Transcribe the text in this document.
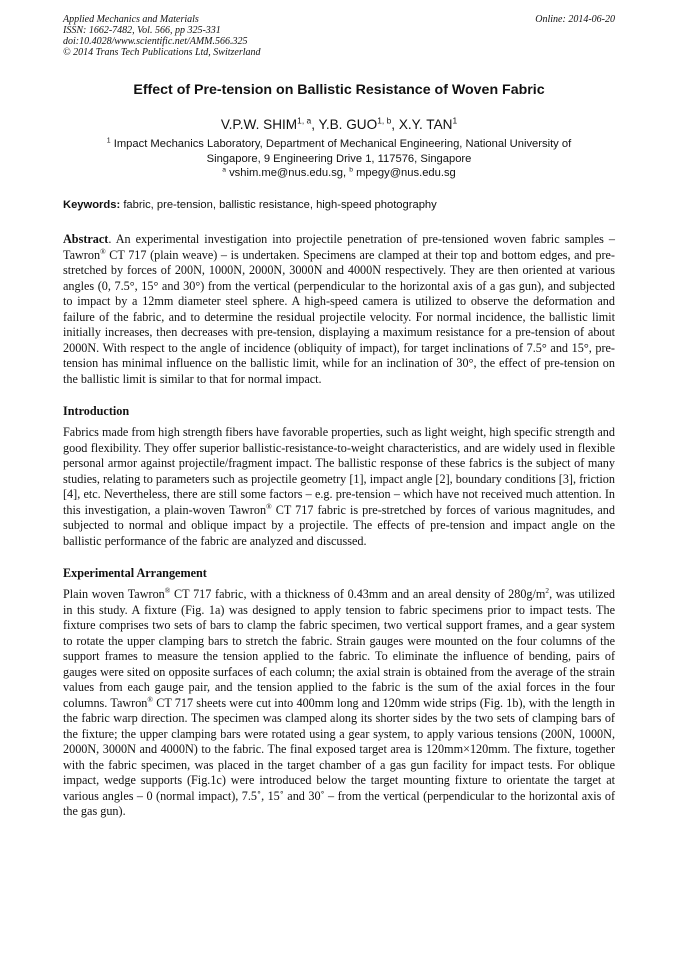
Applied Mechanics and Materials
ISSN: 1662-7482, Vol. 566, pp 325-331
doi:10.4028/www.scientific.net/AMM.566.325
© 2014 Trans Tech Publications Ltd, Switzerland
Online: 2014-06-20
Effect of Pre-tension on Ballistic Resistance of Woven Fabric
V.P.W. SHIM$^{1, a}$, Y.B. GUO$^{1, b}$, X.Y. TAN$^1$
$^1$ Impact Mechanics Laboratory, Department of Mechanical Engineering, National University of
Singapore, 9 Engineering Drive 1, 117576, Singapore
$^a$ vshim.me@nus.edu.sg, $^b$ mpegy@nus.edu.sg
Keywords: fabric, pre-tension, ballistic resistance, high-speed photography

Abstract. An experimental investigation into projectile penetration of pre-tensioned woven fabric samples – Tawron® CT 717 (plain weave) – is undertaken. Specimens are clamped at their top and bottom edges, and pre-stretched by forces of 200N, 1000N, 2000N, 3000N and 4000N respectively. They are then oriented at various angles (0, 7.5°, 15° and 30°) from the vertical (perpendicular to the horizontal axis of a gas gun), and subjected to impact by a 12mm diameter steel sphere. A high-speed camera is utilized to observe the deformation and failure of the fabric, and to determine the residual projectile velocity. For normal incidence, the ballistic limit initially increases, then decreases with pre-tension, displaying a maximum resistance for a pre-tension of about 2000N. With respect to the angle of incidence (obliquity of impact), for target inclinations of 7.5° and 15°, pre-tension has minimal influence on the ballistic limit, while for an inclination of 30°, the effect of pre-tension on the ballistic limit is similar to that for normal impact.

Introduction

Fabrics made from high strength fibers have favorable properties, such as light weight, high specific strength and good flexibility. They offer superior ballistic-resistance-to-weight characteristics, and are widely used in flexible personal armor against projectile/fragment impact. The ballistic response of these fabrics is the subject of many studies, relating to parameters such as projectile geometry [1], impact angle [2], boundary conditions [3], friction [4], etc. Nevertheless, there are still some factors – e.g. pre-tension – which have not received much attention. In this investigation, a plain-woven Tawron® CT 717 fabric is pre-stretched by forces of various magnitudes, and subjected to normal and oblique impact by a projectile. The effects of pre-tension and impact angle on the ballistic performance of the fabric are analyzed and discussed.

Experimental Arrangement

Plain woven Tawron® CT 717 fabric, with a thickness of 0.43mm and an areal density of $280g/m^2$, was utilized in this study. A fixture (Fig. 1a) was designed to apply tension to fabric specimens prior to impact tests. The fixture comprises two sets of bars to clamp the fabric specimen, two vertical support frames, and a gear system to rotate the upper clamping bars to stretch the fabric. Strain gauges were mounted on the four columns of the support frames to measure the tension applied to the fabric. To eliminate the influence of bending, pairs of gauges were sited on opposite surfaces of each column; the axial strain is obtained from the average of the strain values from each gauge pair, and the tension applied to the fabric is the sum of the axial forces in the four columns. Tawron® CT 717 sheets were cut into 400mm long and 120mm wide strips (Fig. 1b), with the length in the fabric warp direction. The specimen was clamped along its shorter sides by the two sets of clamping bars of the fixture; the upper clamping bars were rotated using a gear system, to apply various tensions (200N, 1000N, 2000N, 3000N and 4000N) to the fabric. The final exposed target area is 120mm×120mm. The fixture, together with the fabric specimen, was placed in the target chamber of a gas gun facility for impact tests. For oblique impact, wedge supports (Fig.1c) were introduced below the target mounting fixture to orientate the target at various angles – 0 (normal impact), 7.5˚, 15˚ and 30˚ – from the vertical (perpendicular to the horizontal axis of the gas gun).
